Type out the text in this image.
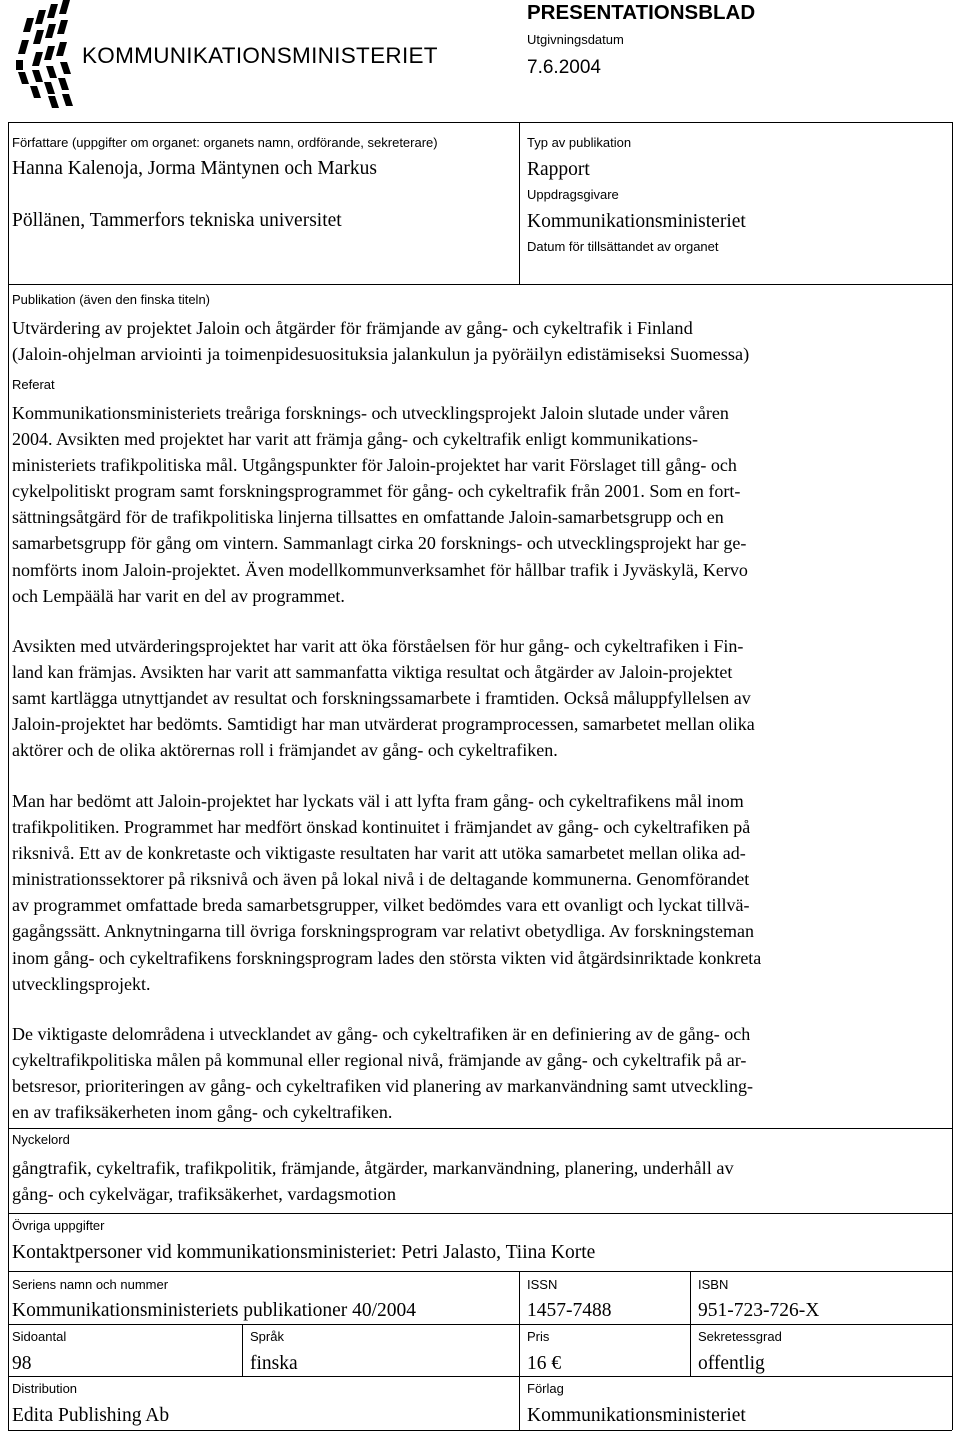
KOMMUNIKATIONSMINISTERIET
PRESENTATIONSBLAD
Utgivningsdatum
7.6.2004
Författare (uppgifter om organet: organets namn, ordförande, sekreterare)
Hanna Kalenoja, Jorma Mäntynen och Markus
Pöllänen, Tammerfors tekniska universitet
Typ av publikation
Rapport
Uppdragsgivare
Kommunikationsministeriet
Datum för tillsättandet av organet
Publikation (även den finska titeln)
Utvärdering av projektet Jaloin och åtgärder för främjande av gång- och cykeltrafik i Finland
(Jaloin-ohjelman arviointi ja toimenpidesuosituksia jalankulun ja pyöräilyn edistämiseksi Suomessa)
Referat
Kommunikationsministeriets treåriga forsknings- och utvecklingsprojekt Jaloin slutade under våren
2004. Avsikten med projektet har varit att främja gång- och cykeltrafik enligt kommunikations-
ministeriets trafikpolitiska mål. Utgångspunkter för Jaloin-projektet har varit Förslaget till gång- och
cykelpolitiskt program samt forskningsprogrammet för gång- och cykeltrafik från 2001. Som en fort-
sättningsåtgärd för de trafikpolitiska linjerna tillsattes en omfattande Jaloin-samarbetsgrupp och en
samarbetsgrupp för gång om vintern. Sammanlagt cirka 20 forsknings- och utvecklingsprojekt har ge-
nomförts inom Jaloin-projektet. Även modellkommunverksamhet för hållbar trafik i Jyväskylä, Kervo
och Lempäälä har varit en del av programmet.
Avsikten med utvärderingsprojektet har varit att öka förståelsen för hur gång- och cykeltrafiken i Fin-
land kan främjas. Avsikten har varit att sammanfatta viktiga resultat och åtgärder av Jaloin-projektet
samt kartlägga utnyttjandet av resultat och forskningssamarbete i framtiden. Också måluppfyllelsen av
Jaloin-projektet har bedömts. Samtidigt har man utvärderat programprocessen, samarbetet mellan olika
aktörer och de olika aktörernas roll i främjandet av gång- och cykeltrafiken.
Man har bedömt att Jaloin-projektet har lyckats väl i att lyfta fram gång- och cykeltrafikens mål inom
trafikpolitiken. Programmet har medfört önskad kontinuitet i främjandet av gång- och cykeltrafiken på
riksnivå. Ett av de konkretaste och viktigaste resultaten har varit att utöka samarbetet mellan olika ad-
ministrationssektorer på riksnivå och även på lokal nivå i de deltagande kommunerna. Genomförandet
av programmet omfattade breda samarbetsgrupper, vilket bedömdes vara ett ovanligt och lyckat tillvä-
gagångssätt. Anknytningarna till övriga forskningsprogram var relativt obetydliga. Av forskningsteman
inom gång- och cykeltrafikens forskningsprogram lades den största vikten vid åtgärdsinriktade konkreta
utvecklingsprojekt.
De viktigaste delområdena i utvecklandet av gång- och cykeltrafiken är en definiering av de gång- och
cykeltrafikpolitiska målen på kommunal eller regional nivå, främjande av gång- och cykeltrafik på ar-
betsresor, prioriteringen av gång- och cykeltrafiken vid planering av markanvändning samt utveckling-
en av trafiksäkerheten inom gång- och cykeltrafiken.
Nyckelord
gångtrafik, cykeltrafik, trafikpolitik, främjande, åtgärder, markanvändning, planering, underhåll av
gång- och cykelvägar, trafiksäkerhet, vardagsmotion
Övriga uppgifter
Kontaktpersoner vid kommunikationsministeriet: Petri Jalasto, Tiina Korte
Seriens namn och nummer
Kommunikationsministeriets publikationer 40/2004
ISSN
1457-7488
ISBN
951-723-726-X
Sidoantal
98
Språk
finska
Pris
16 €
Sekretessgrad
offentlig
Distribution
Edita Publishing Ab
Förlag
Kommunikationsministeriet
